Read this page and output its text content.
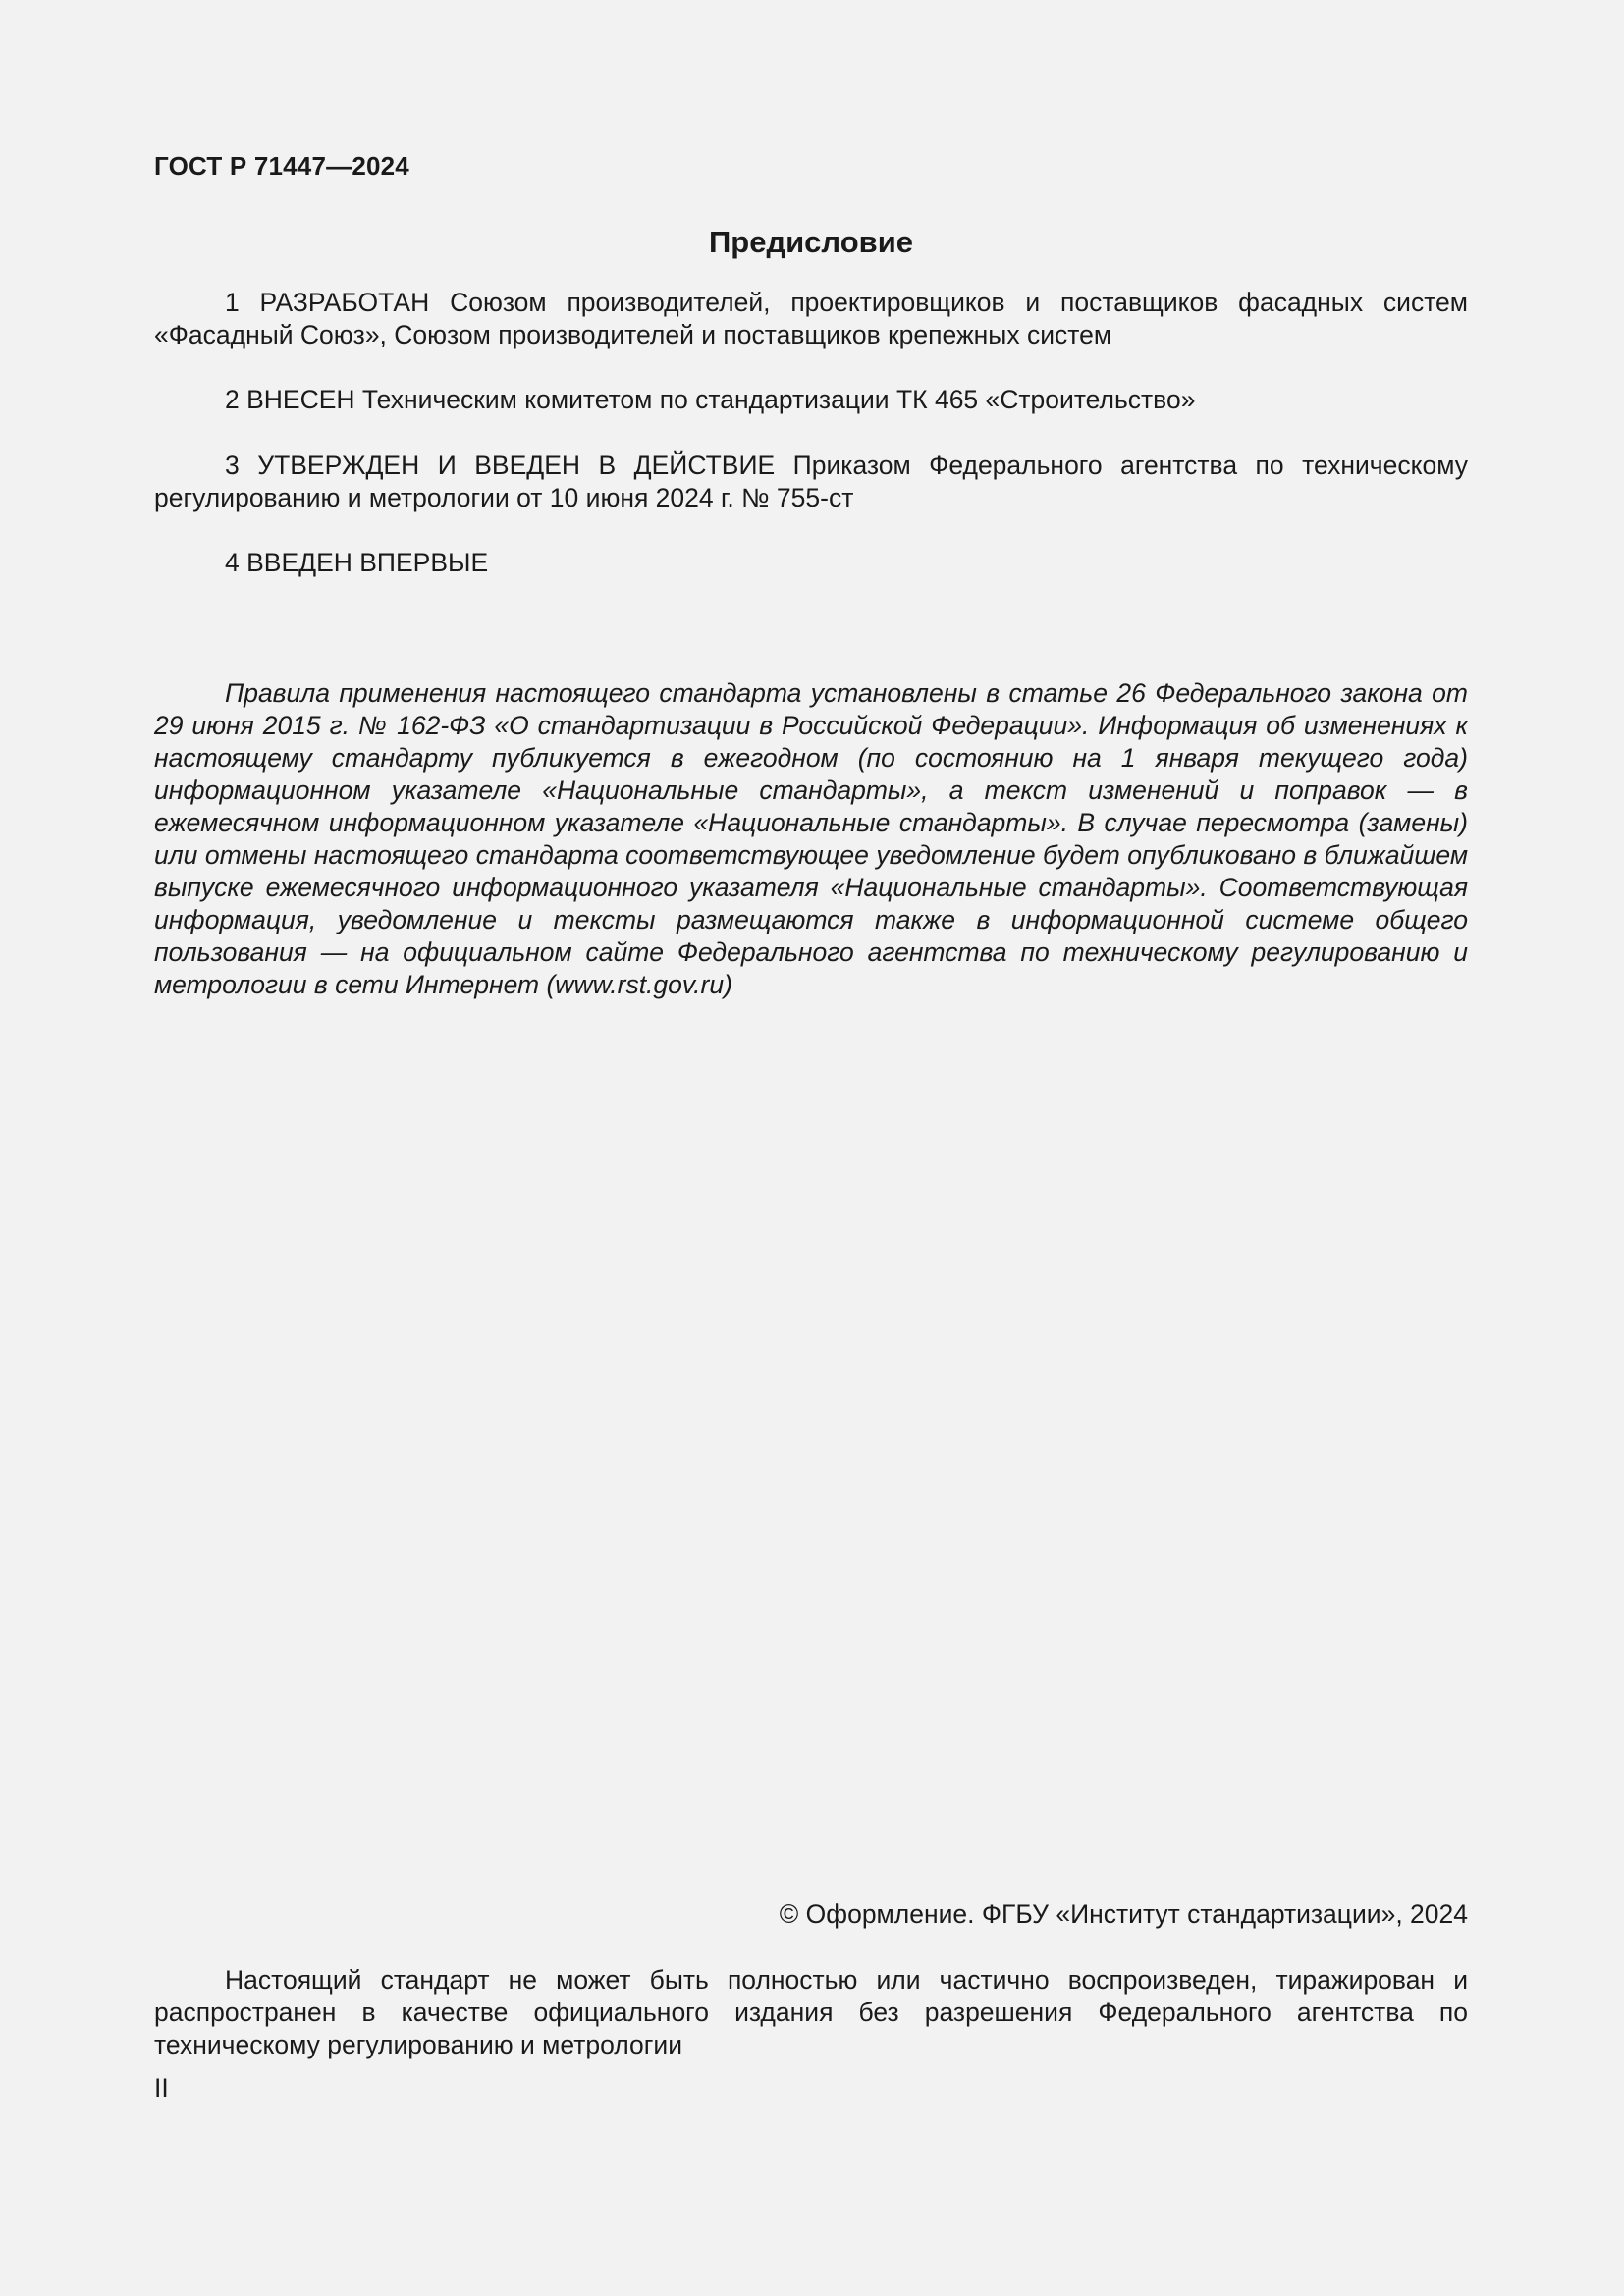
ГОСТ Р 71447—2024
Предисловие
1 РАЗРАБОТАН Союзом производителей, проектировщиков и поставщиков фасадных систем «Фасадный Союз», Союзом производителей и поставщиков крепежных систем
2 ВНЕСЕН Техническим комитетом по стандартизации ТК 465 «Строительство»
3 УТВЕРЖДЕН И ВВЕДЕН В ДЕЙСТВИЕ Приказом Федерального агентства по техническому регулированию и метрологии от 10 июня 2024 г. № 755-ст
4 ВВЕДЕН ВПЕРВЫЕ
Правила применения настоящего стандарта установлены в статье 26 Федерального закона от 29 июня 2015 г. № 162-ФЗ «О стандартизации в Российской Федерации». Информация об изменениях к настоящему стандарту публикуется в ежегодном (по состоянию на 1 января текущего года) информационном указателе «Национальные стандарты», а текст изменений и поправок — в ежемесячном информационном указателе «Национальные стандарты». В случае пересмотра (замены) или отмены настоящего стандарта соответствующее уведомление будет опубликовано в ближайшем выпуске ежемесячного информационного указателя «Национальные стандарты». Соответствующая информация, уведомление и тексты размещаются также в информационной системе общего пользования — на официальном сайте Федерального агентства по техническому регулированию и метрологии в сети Интернет (www.rst.gov.ru)
© Оформление. ФГБУ «Институт стандартизации», 2024
Настоящий стандарт не может быть полностью или частично воспроизведен, тиражирован и распространен в качестве официального издания без разрешения Федерального агентства по техническому регулированию и метрологии
II
